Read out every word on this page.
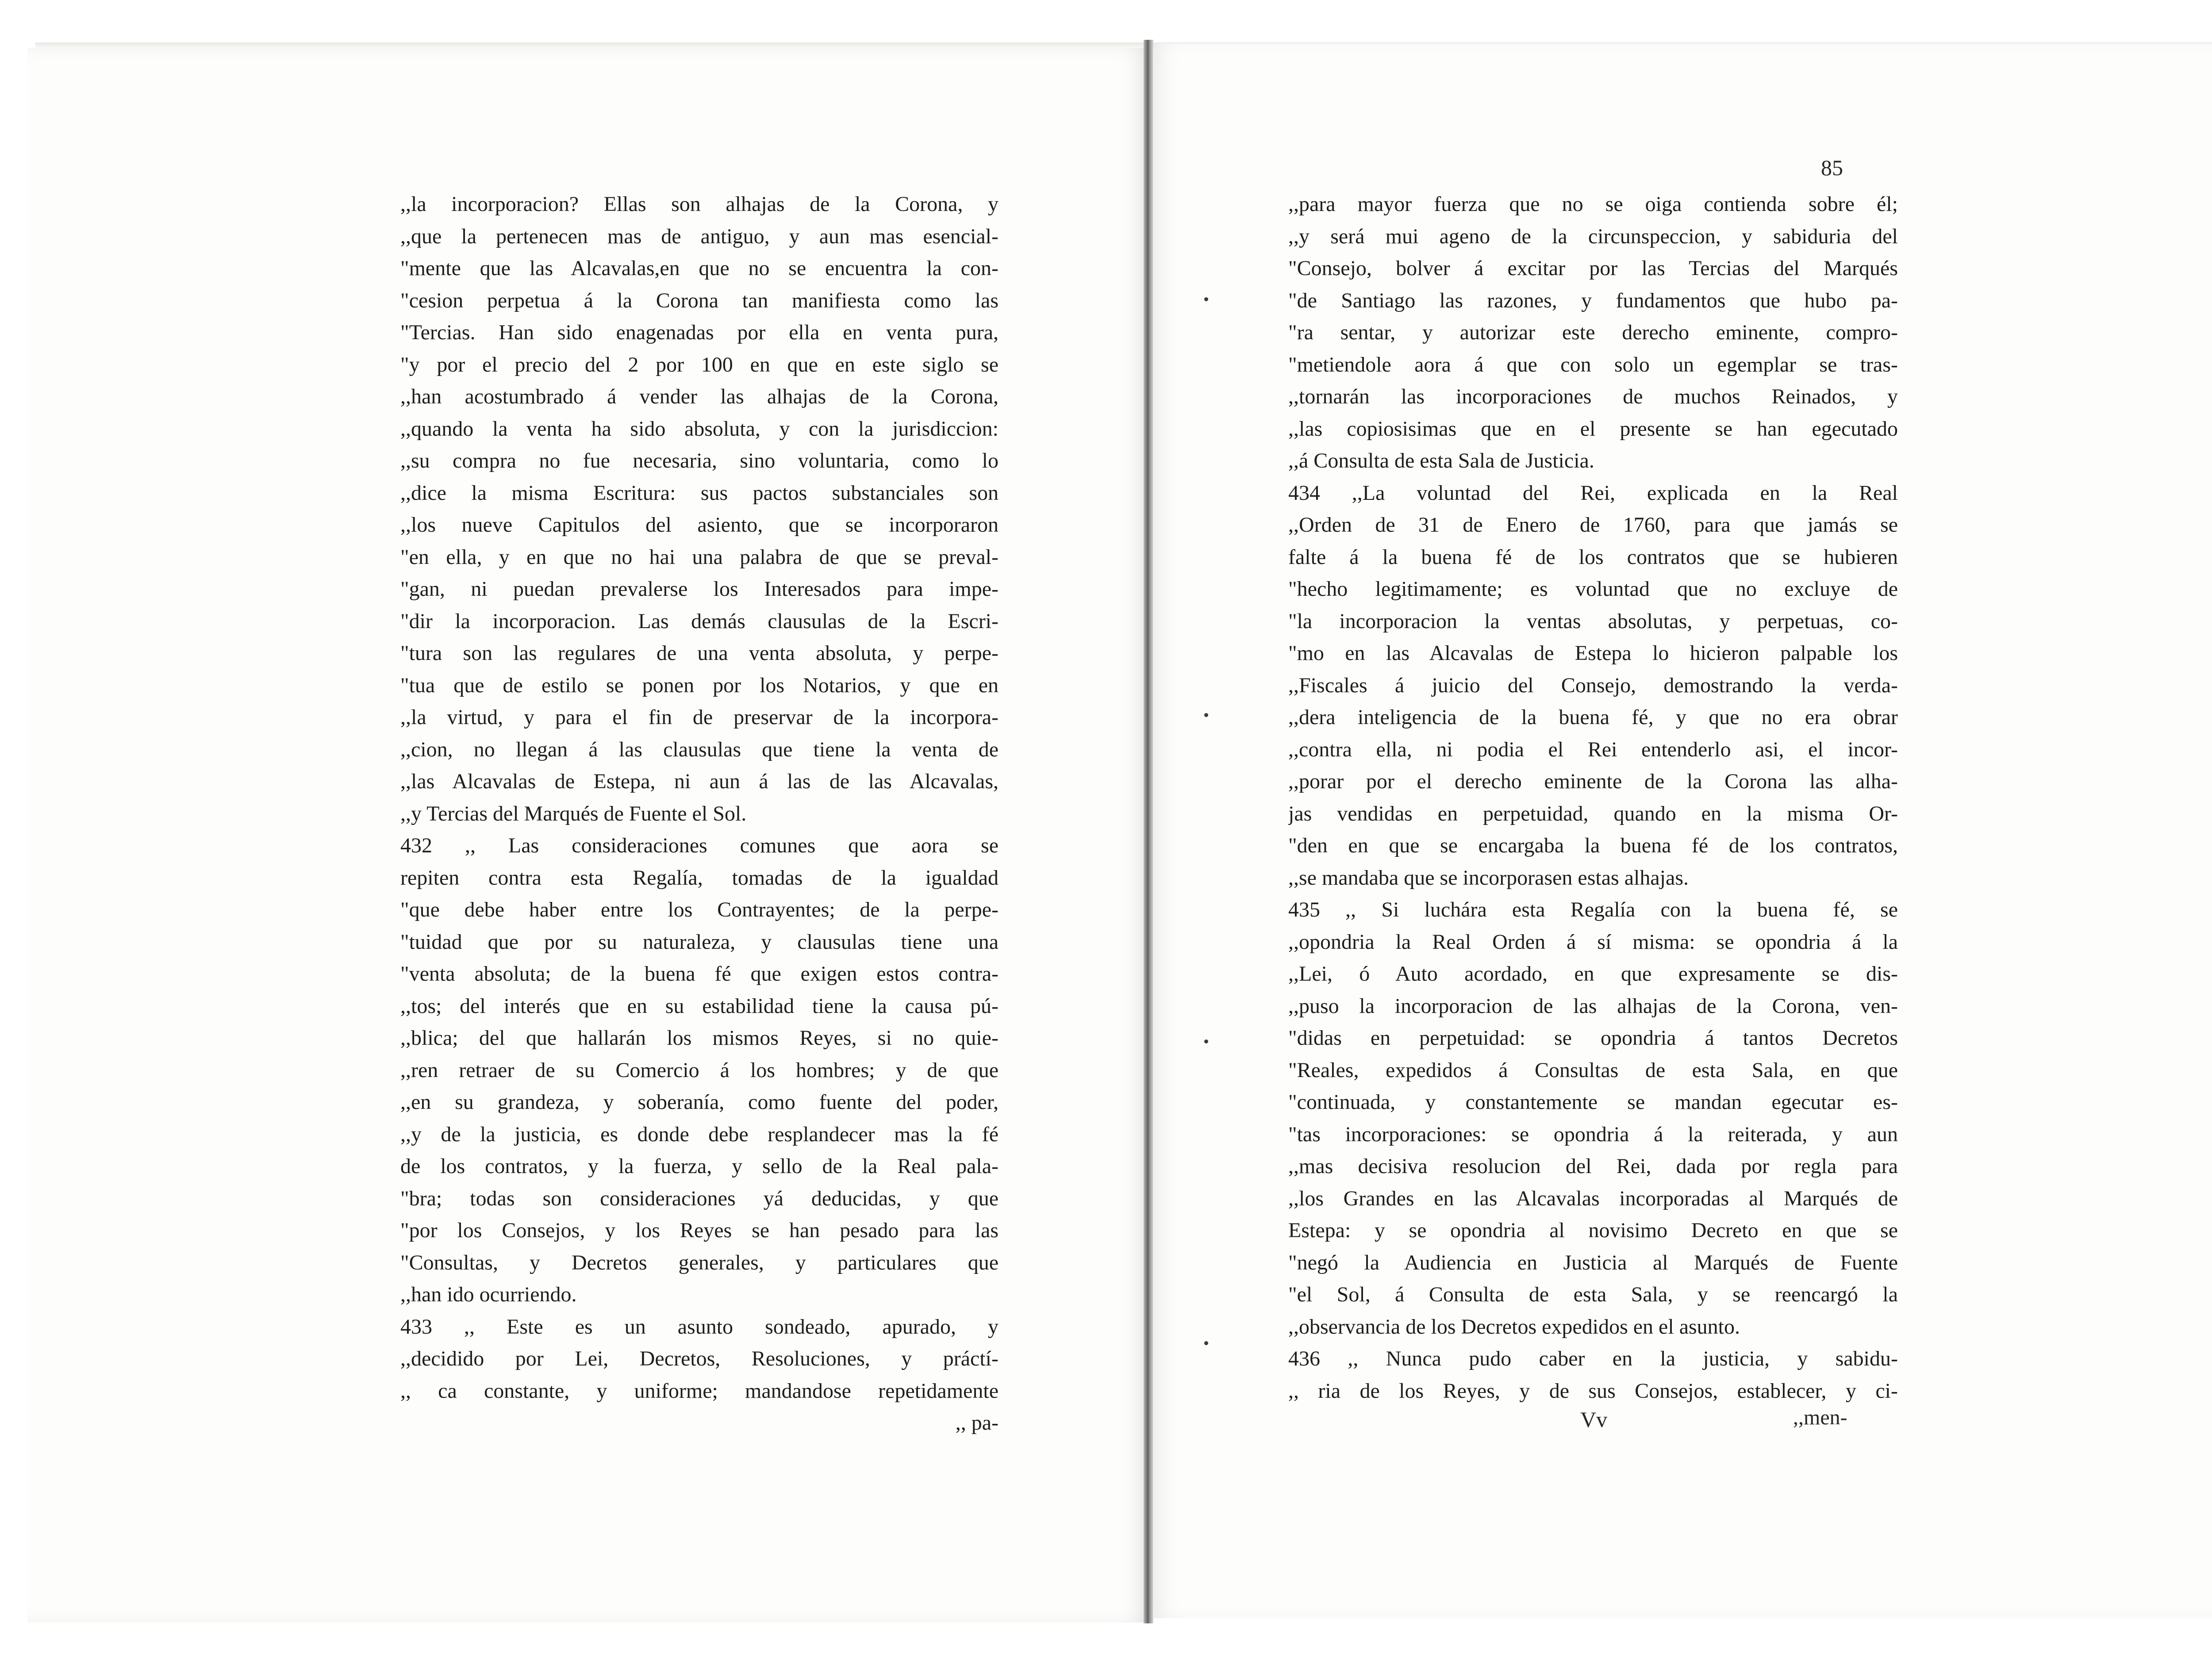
,,la incorporacion? Ellas son alhajas de la Corona, y
,,que la pertenecen mas de antiguo, y aun mas esencial-
"mente que las Alcavalas,en que no se encuentra la con-
"cesion perpetua á la Corona tan manifiesta como las
"Tercias. Han sido enagenadas por ella en venta pura,
"y por el precio del 2 por 100 en que en este siglo se
,,han acostumbrado á vender las alhajas de la Corona,
,,quando la venta ha sido absoluta, y con la jurisdiccion:
,,su compra no fue necesaria, sino voluntaria, como lo
,,dice la misma Escritura: sus pactos substanciales son
,,los nueve Capitulos del asiento, que se incorporaron
"en ella, y en que no hai una palabra de que se preval-
"gan, ni puedan prevalerse los Interesados para impe-
"dir la incorporacion. Las demás clausulas de la Escri-
"tura son las regulares de una venta absoluta, y perpe-
"tua que de estilo se ponen por los Notarios, y que en
,,la virtud, y para el fin de preservar de la incorpora-
,,cion, no llegan á las clausulas que tiene la venta de
,,las Alcavalas de Estepa, ni aun á las de las Alcavalas,
,,y Tercias del Marqués de Fuente el Sol.
432 ,, Las consideraciones comunes que aora se
repiten contra esta Regalía, tomadas de la igualdad
"que debe haber entre los Contrayentes; de la perpe-
"tuidad que por su naturaleza, y clausulas tiene una
"venta absoluta; de la buena fé que exigen estos contra-
,,tos; del interés que en su estabilidad tiene la causa pú-
,,blica; del que hallarán los mismos Reyes, si no quie-
,,ren retraer de su Comercio á los hombres; y de que
,,en su grandeza, y soberanía, como fuente del poder,
,,y de la justicia, es donde debe resplandecer mas la fé
de los contratos, y la fuerza, y sello de la Real pala-
"bra; todas son consideraciones yá deducidas, y que
"por los Consejos, y los Reyes se han pesado para las
"Consultas, y Decretos generales, y particulares que
,,han ido ocurriendo.
433 ,, Este es un asunto sondeado, apurado, y
,,decidido por Lei, Decretos, Resoluciones, y práctí-
,, ca constante, y uniforme; mandandose repetidamente
,, pa-

85

,,para mayor fuerza que no se oiga contienda sobre él;
,,y será mui ageno de la circunspeccion, y sabiduria del
"Consejo, bolver á excitar por las Tercias del Marqués
"de Santiago las razones, y fundamentos que hubo pa-
"ra sentar, y autorizar este derecho eminente, compro-
"metiendole aora á que con solo un egemplar se tras-
,,tornarán las incorporaciones de muchos Reinados, y
,,las copiosisimas que en el presente se han egecutado
,,á Consulta de esta Sala de Justicia.
434 ,,La voluntad del Rei, explicada en la Real
,,Orden de 31 de Enero de 1760, para que jamás se
falte á la buena fé de los contratos que se hubieren
"hecho legitimamente; es voluntad que no excluye de
"la incorporacion la ventas absolutas, y perpetuas, co-
"mo en las Alcavalas de Estepa lo hicieron palpable los
,,Fiscales á juicio del Consejo, demostrando la verda-
,,dera inteligencia de la buena fé, y que no era obrar
,,contra ella, ni podia el Rei entenderlo asi, el incor-
,,porar por el derecho eminente de la Corona las alha-
jas vendidas en perpetuidad, quando en la misma Or-
"den en que se encargaba la buena fé de los contratos,
,,se mandaba que se incorporasen estas alhajas.
435 ,, Si luchára esta Regalía con la buena fé, se
,,opondria la Real Orden á sí misma: se opondria á la
,,Lei, ó Auto acordado, en que expresamente se dis-
,,puso la incorporacion de las alhajas de la Corona, ven-
"didas en perpetuidad: se opondria á tantos Decretos
"Reales, expedidos á Consultas de esta Sala, en que
"continuada, y constantemente se mandan egecutar es-
"tas incorporaciones: se opondria á la reiterada, y aun
,,mas decisiva resolucion del Rei, dada por regla para
,,los Grandes en las Alcavalas incorporadas al Marqués de
Estepa: y se opondria al novisimo Decreto en que se
"negó la Audiencia en Justicia al Marqués de Fuente
"el Sol, á Consulta de esta Sala, y se reencargó la
,,observancia de los Decretos expedidos en el asunto.
436 ,, Nunca pudo caber en la justicia, y sabidu-
,, ria de los Reyes, y de sus Consejos, establecer, y ci-

Vv	,,men-
